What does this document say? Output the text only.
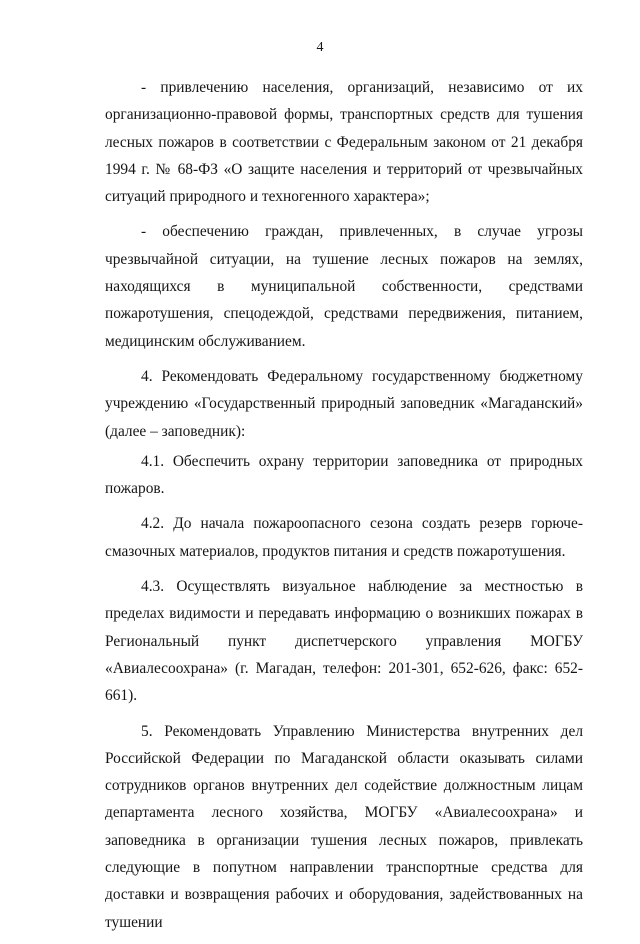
4

- привлечению населения, организаций, независимо от их организационно-правовой формы, транспортных средств для тушения лесных пожаров в соответствии с Федеральным законом от 21 декабря 1994 г. № 68-ФЗ «О защите населения и территорий от чрезвычайных ситуаций природного и техногенного характера»;

- обеспечению граждан, привлеченных, в случае угрозы чрезвычайной ситуации, на тушение лесных пожаров на землях, находящихся в муниципальной собственности, средствами пожаротушения, спецодеждой, средствами передвижения, питанием, медицинским обслуживанием.

4. Рекомендовать Федеральному государственному бюджетному учреждению «Государственный природный заповедник «Магаданский» (далее – заповедник):

4.1. Обеспечить охрану территории заповедника от природных пожаров.

4.2. До начала пожароопасного сезона создать резерв горюче-смазочных материалов, продуктов питания и средств пожаротушения.

4.3. Осуществлять визуальное наблюдение за местностью в пределах видимости и передавать информацию о возникших пожарах в Региональный пункт диспетчерского управления МОГБУ «Авиалесоохрана» (г. Магадан, телефон: 201-301, 652-626, факс: 652-661).

5. Рекомендовать Управлению Министерства внутренних дел Российской Федерации по Магаданской области оказывать силами сотрудников органов внутренних дел содействие должностным лицам департамента лесного хозяйства, МОГБУ «Авиалесоохрана» и заповедника в организации тушения лесных пожаров, привлекать следующие в попутном направлении транспортные средства для доставки и возвращения рабочих и оборудования, задействованных на тушении
